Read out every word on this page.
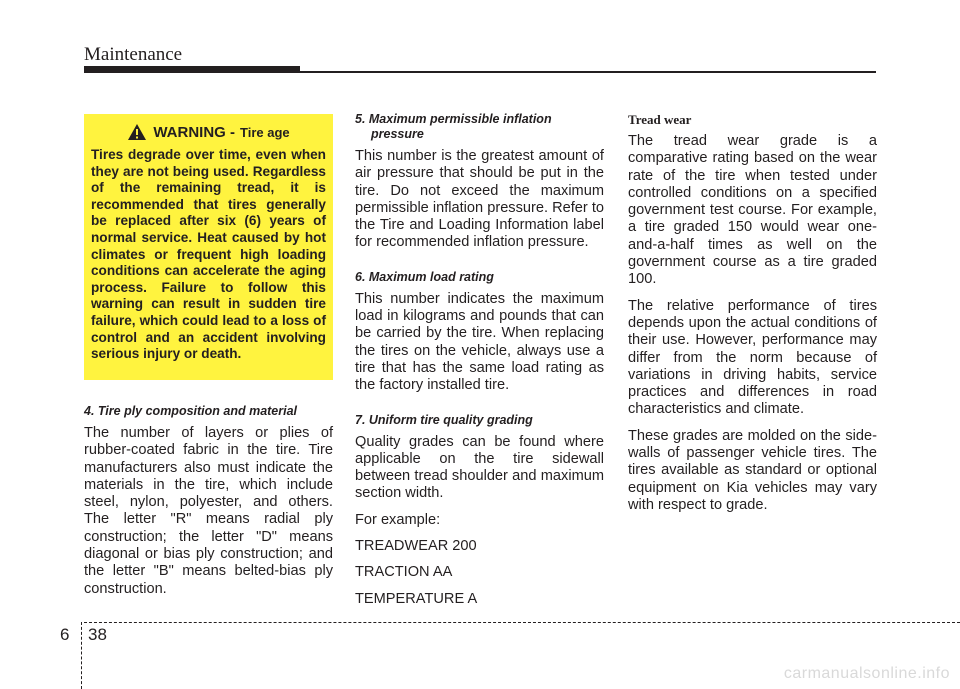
Maintenance
WARNING - Tire age

Tires degrade over time, even when they are not being used. Regardless of the remaining tread, it is recommended that tires generally be replaced after six (6) years of normal service. Heat caused by hot climates or frequent high loading conditions can accelerate the aging process. Failure to follow this warning can result in sudden tire failure, which could lead to a loss of control and an accident involving serious injury or death.

4. Tire ply composition and material

The number of layers or plies of rubber-coated fabric in the tire. Tire manufacturers also must indicate the materials in the tire, which include steel, nylon, polyester, and others. The letter "R" means radial ply construction; the letter "D" means diagonal or bias ply construction; and the letter "B" means belted-bias ply construction.

5. Maximum permissible inflation
pressure

This number is the greatest amount of air pressure that should be put in the tire. Do not exceed the maximum permissible inflation pressure. Refer to the Tire and Loading Information label for recommended inflation pressure.

6. Maximum load rating

This number indicates the maximum load in kilograms and pounds that can be carried by the tire. When replacing the tires on the vehicle, always use a tire that has the same load rating as the factory installed tire.

7. Uniform tire quality grading

Quality grades can be found where applicable on the tire sidewall between tread shoulder and maximum section width.

For example:

TREADWEAR 200

TRACTION AA

TEMPERATURE A

Tread wear

The tread wear grade is a comparative rating based on the wear rate of the tire when tested under controlled conditions on a specified government test course. For example, a tire graded 150 would wear one-and-a-half times as well on the government course as a tire graded 100.

The relative performance of tires depends upon the actual conditions of their use. However, performance may differ from the norm because of variations in driving habits, service practices and differences in road characteristics and climate.

These grades are molded on the side-walls of passenger vehicle tires. The tires available as standard or optional equipment on Kia vehicles may vary with respect to grade.

6 38
carmanualsonline.info
